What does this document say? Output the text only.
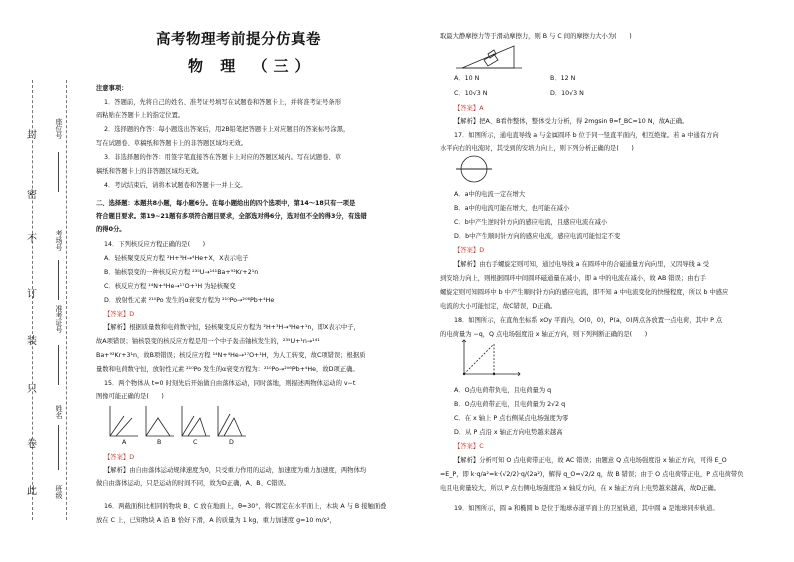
封
密
不
订
装
只
卷
此
座位号
考场号
准考证号
姓名
班级
高考物理考前提分仿真卷
物 理 （三）
注意事项：
1．答题前，先将自己的姓名、准考证号填写在试题卷和答题卡上，并将准考证号条形
码粘贴在答题卡上的指定位置。
2．选择题的作答：每小题选出答案后，用2B铅笔把答题卡上对应题目的答案标号涂黑，
写在试题卷、草稿纸和答题卡上的非答题区域均无效。
3．非选择题的作答：用签字笔直接答在答题卡上对应的答题区域内。写在试题卷、草
稿纸和答题卡上的非答题区域均无效。
4．考试结束后，请将本试题卷和答题卡一并上交。
二、选择题：本题共8小题，每小题6分。在每小题给出的四个选项中，第14～18只有一项是
符合题目要求。第19~21题有多项符合题目要求，全部选对得6分，选对但不全的得3分，有选错
的得0分。
14．下列核反应方程正确的是(　　)
A．轻核聚变反应方程 ²H+³H→⁴He+X，X表示电子
B．铀核裂变的一种核反应方程 ²³⁵U→¹⁴¹Ba+⁹²Kr+2¹n
C．核反应方程 ¹⁴N+⁴He→¹⁷O+¹H 为轻核聚变
D．放射性元素 ²¹⁰Po 发生的α衰变方程为 ²¹⁰Po→²⁰⁶Pb+⁴He
【答案】D
【解析】根据质量数和电荷数守恒，轻核聚变反应方程为 ²H+³H→⁴He+¹n，即X表示中子，
故A项错误；铀核裂变的核反应方程是用一个中子轰击铀核发生的，²³⁵U+¹n→¹⁴¹
Ba+⁹²Kr+3¹n，故B项错误；核反应方程 ¹⁴N+⁴He→¹⁷O+¹H，为人工转变，故C项错误；根据质
量数和电荷数守恒，放射性元素 ²¹⁰Po 发生的α衰变方程为：²¹⁰Po→²⁰⁶Pb+⁴He，故D项正确。
15．两个物体从 t=0 时刻先后开始做自由落体运动，同时落地，则描述两物体运动的 v−t
图像可能正确的是(　　)
A	B	C	D
【答案】D
【解析】由自由落体运动规律速度为0，只受重力作用的运动，加速度为重力加速度，两物体均
做自由落体运动，只是运动的时间不同，故为D正确，A、B、C错误。
16．两截面积比相同的物块 B、C 放在地面上，θ=30°，将C固定在水平面上，木块 A 与 B 接触面叠
放在 C 上，已知物块 A 沿 B 恰好下滑，A 的质量为 1 kg，重力加速度 g=10 m/s²，
取最大静摩擦力等于滑动摩擦力，则 B 与 C 间的摩擦力大小为(　　)
A．10 N	B．12 N
C．10√3 N	D．10√3 N
【答案】A
【解析】把A、B看作整体，整体受力分析，得 2mgsin θ=f_BC=10 N，故A正确。
17．如图所示，通电直导线 a 与金属圆环 b 位于同一竖直平面内，相互绝缘。若 a 中通有方向
水平向右的电流时，其受到的安培力向上，则下列分析正确的是(　　)
A．a中的电流一定在增大
B．a中的电流可能在增大，也可能在减小
C．b中产生逆时针方向的感应电流，且感应电流在减小
D．b中产生顺时针方向的感应电流，感应电流可能恒定不变
【答案】D
【解析】由右手螺旋定则可知，通过电导线 a 在圆环中的合磁通量方向向里，又因导线 a 受
到安培力向上，则根据圆环中间圆环磁通量在减小，即 a 中的电流在减小，故 AB 错误；由右手
螺旋定则可知圆环中 b 中产生顺时针方向的感应电流，即不知 a 中电流变化的快慢程度，所以 b 中感应
电流的大小可能恒定，故C错误，D正确。
18．如图所示，在直角坐标系 xOy 平面内，O(0，0)，P(a，0)两点各放置一点电荷，其中 P 点
的电荷量为 −q，Q 点电场强度沿 x 轴正方向，则下列判断正确的是(　　)
A．O点电荷带负电，且电荷量为 q
B．O点电荷带正电，且电荷量为 2√2 q
C．在 x 轴上 P 点右侧某点电场强度为零
D．从 P 点沿 x 轴正方向电势越来越高
【答案】C
【解析】分析可知 O 点电荷带正电，故 AC 错误；由题意 Q 点电场强度沿 x 轴正方向，可得 E_O
=E_P，即 k·q/a²=k·(√2/2)·q/(2a²)，解得 q_O=√2/2 q，故 B 错误；由于 O 点电荷带正电，P 点电荷带负
电且电荷量较大，所以 P 点右侧电场强度沿 x 轴反方向，在 x 轴正方向上电势越来越高，故D正确。
19．如图所示，圆 a 和椭圆 b 是位于地球赤道平面上的卫星轨道，其中圆 a 是地球同步轨道。
